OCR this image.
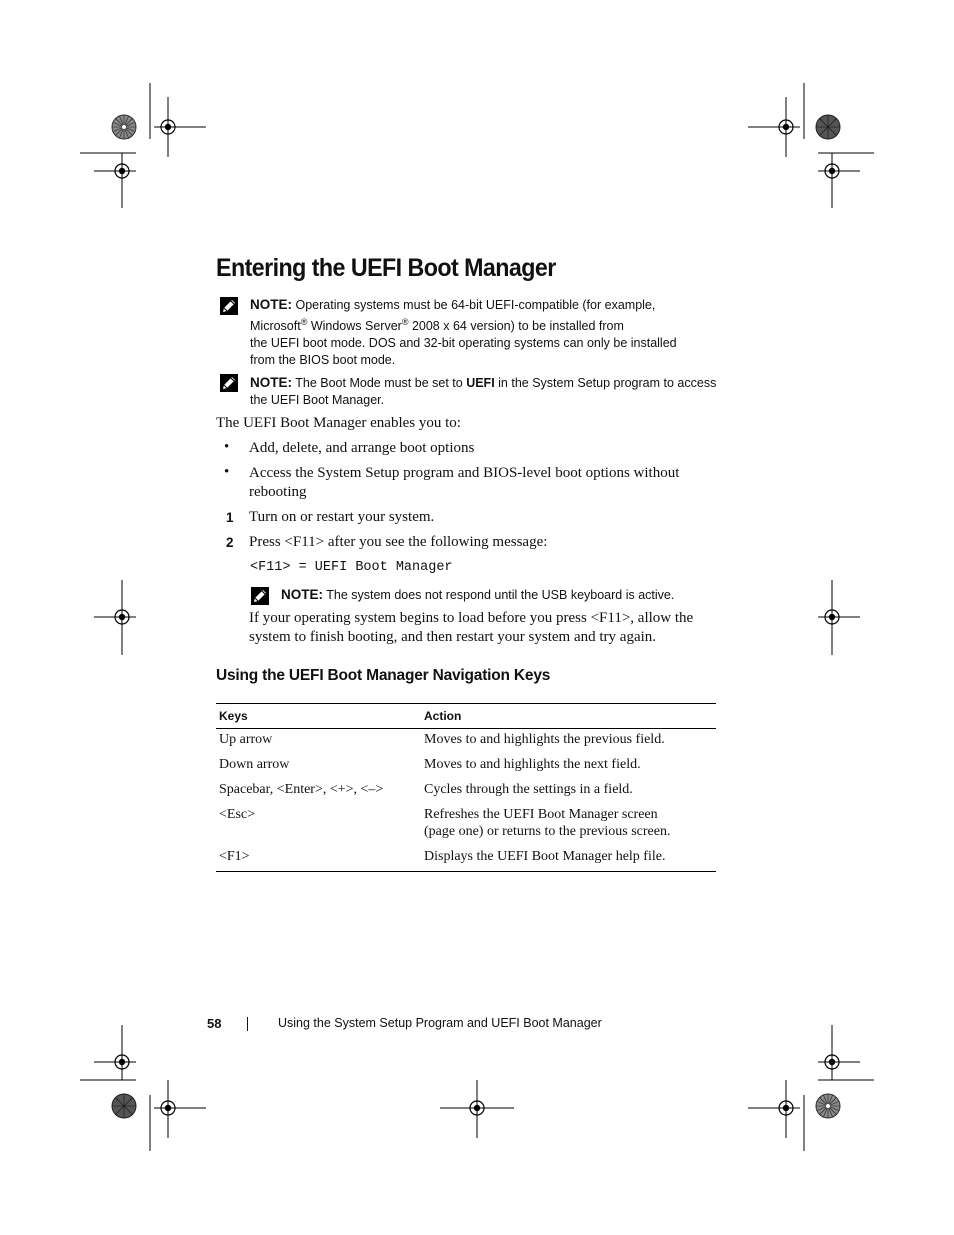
Entering the UEFI Boot Manager
NOTE: Operating systems must be 64-bit UEFI-compatible (for example,
Microsoft® Windows Server® 2008 x 64 version) to be installed from
the UEFI boot mode. DOS and 32-bit operating systems can only be installed
from the BIOS boot mode.
NOTE: The Boot Mode must be set to UEFI in the System Setup program to access
the UEFI Boot Manager.
The UEFI Boot Manager enables you to:
• Add, delete, and arrange boot options
• Access the System Setup program and BIOS-level boot options without
rebooting
1 Turn on or restart your system.
2 Press <F11> after you see the following message:
<F11> = UEFI Boot Manager
NOTE: The system does not respond until the USB keyboard is active.
If your operating system begins to load before you press <F11>, allow the
system to finish booting, and then restart your system and try again.
Using the UEFI Boot Manager Navigation Keys
Keys	Action
Up arrow	Moves to and highlights the previous field.
Down arrow	Moves to and highlights the next field.
Spacebar, <Enter>, <+>, <–>	Cycles through the settings in a field.
<Esc>	Refreshes the UEFI Boot Manager screen
(page one) or returns to the previous screen.

<F1>	Displays the UEFI Boot Manager help file.
58	Using the System Setup Program and UEFI Boot Manager
